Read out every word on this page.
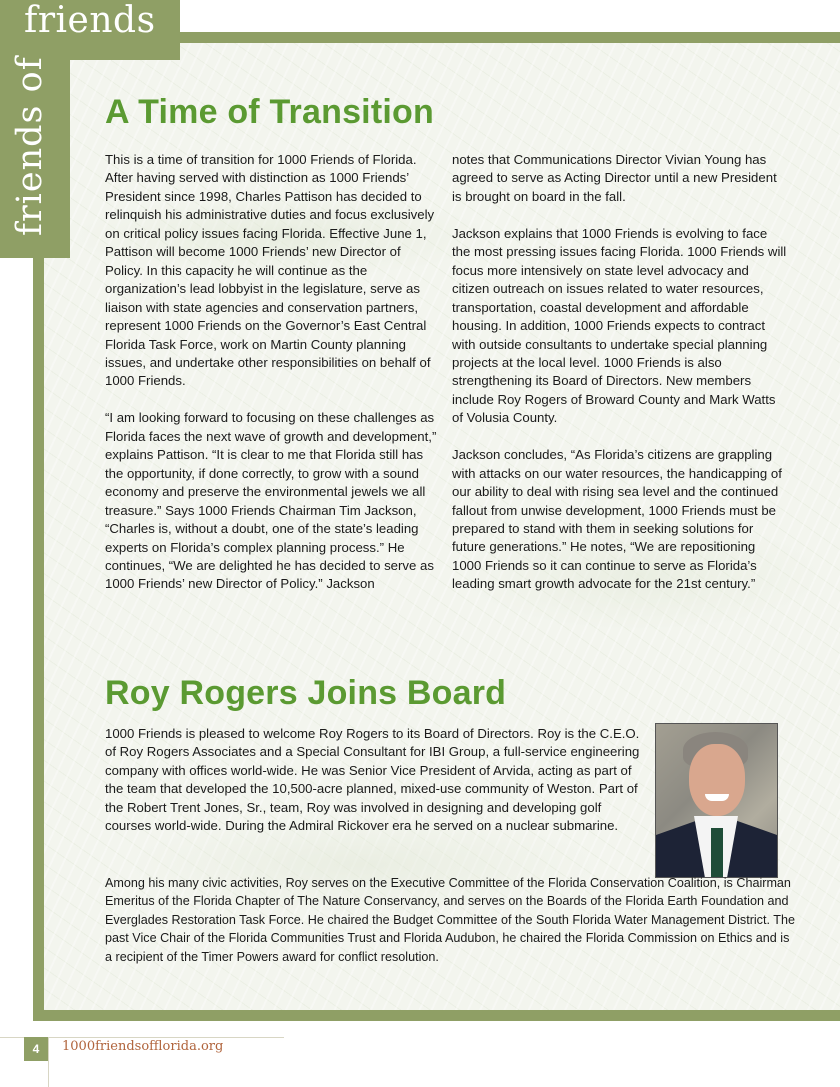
friends
friends of A Time of Transition

This is a time of transition for 1000 Friends of Florida. After having served with distinction as 1000 Friends’ President since 1998, Charles Pattison has decided to relinquish his administrative duties and focus exclusively on critical policy issues facing Florida. Effective June 1, Pattison will become 1000 Friends’ new Director of Policy. In this capacity he will continue as the organization’s lead lobbyist in the legislature, serve as liaison with state agencies and conservation partners, represent 1000 Friends on the Governor’s East Central Florida Task Force, work on Martin County planning issues, and undertake other responsibilities on behalf of 1000 Friends.

“I am looking forward to focusing on these challenges as Florida faces the next wave of growth and development,” explains Pattison. “It is clear to me that Florida still has the opportunity, if done correctly, to grow with a sound economy and preserve the environmental jewels we all treasure.” Says 1000 Friends Chairman Tim Jackson, “Charles is, without a doubt, one of the state’s leading experts on Florida’s complex planning process.” He continues, “We are delighted he has decided to serve as 1000 Friends’ new Director of Policy.” Jackson

notes that Communications Director Vivian Young has agreed to serve as Acting Director until a new President is brought on board in the fall.

Jackson explains that 1000 Friends is evolving to face the most pressing issues facing Florida. 1000 Friends will focus more intensively on state level advocacy and citizen outreach on issues related to water resources, transportation, coastal development and affordable housing. In addition, 1000 Friends expects to contract with outside consultants to undertake special planning projects at the local level. 1000 Friends is also strengthening its Board of Directors. New members include Roy Rogers of Broward County and Mark Watts of Volusia County.

Jackson concludes, “As Florida’s citizens are grappling with attacks on our water resources, the handicapping of our ability to deal with rising sea level and the continued fallout from unwise development, 1000 Friends must be prepared to stand with them in seeking solutions for future generations.” He notes, “We are repositioning 1000 Friends so it can continue to serve as Florida’s leading smart growth advocate for the 21st century.”

Roy Rogers Joins Board

1000 Friends is pleased to welcome Roy Rogers to its Board of Directors. Roy is the C.E.O. of Roy Rogers Associates and a Special Consultant for IBI Group, a full-service engineering company with offices world-wide. He was Senior Vice President of Arvida, acting as part of the team that developed the 10,500-acre planned, mixed-use community of Weston. Part of the Robert Trent Jones, Sr., team, Roy was involved in designing and developing golf courses world-wide. During the Admiral Rickover era he served on a nuclear submarine.

Among his many civic activities, Roy serves on the Executive Committee of the Florida Conservation Coalition, is Chairman Emeritus of the Florida Chapter of The Nature Conservancy, and serves on the Boards of the Florida Earth Foundation and Everglades Restoration Task Force. He chaired the Budget Committee of the South Florida Water Management District. The past Vice Chair of the Florida Communities Trust and Florida Audubon, he chaired the Florida Commission on Ethics and is a recipient of the Timer Powers award for conflict resolution.

4	1000friendsofflorida.org
